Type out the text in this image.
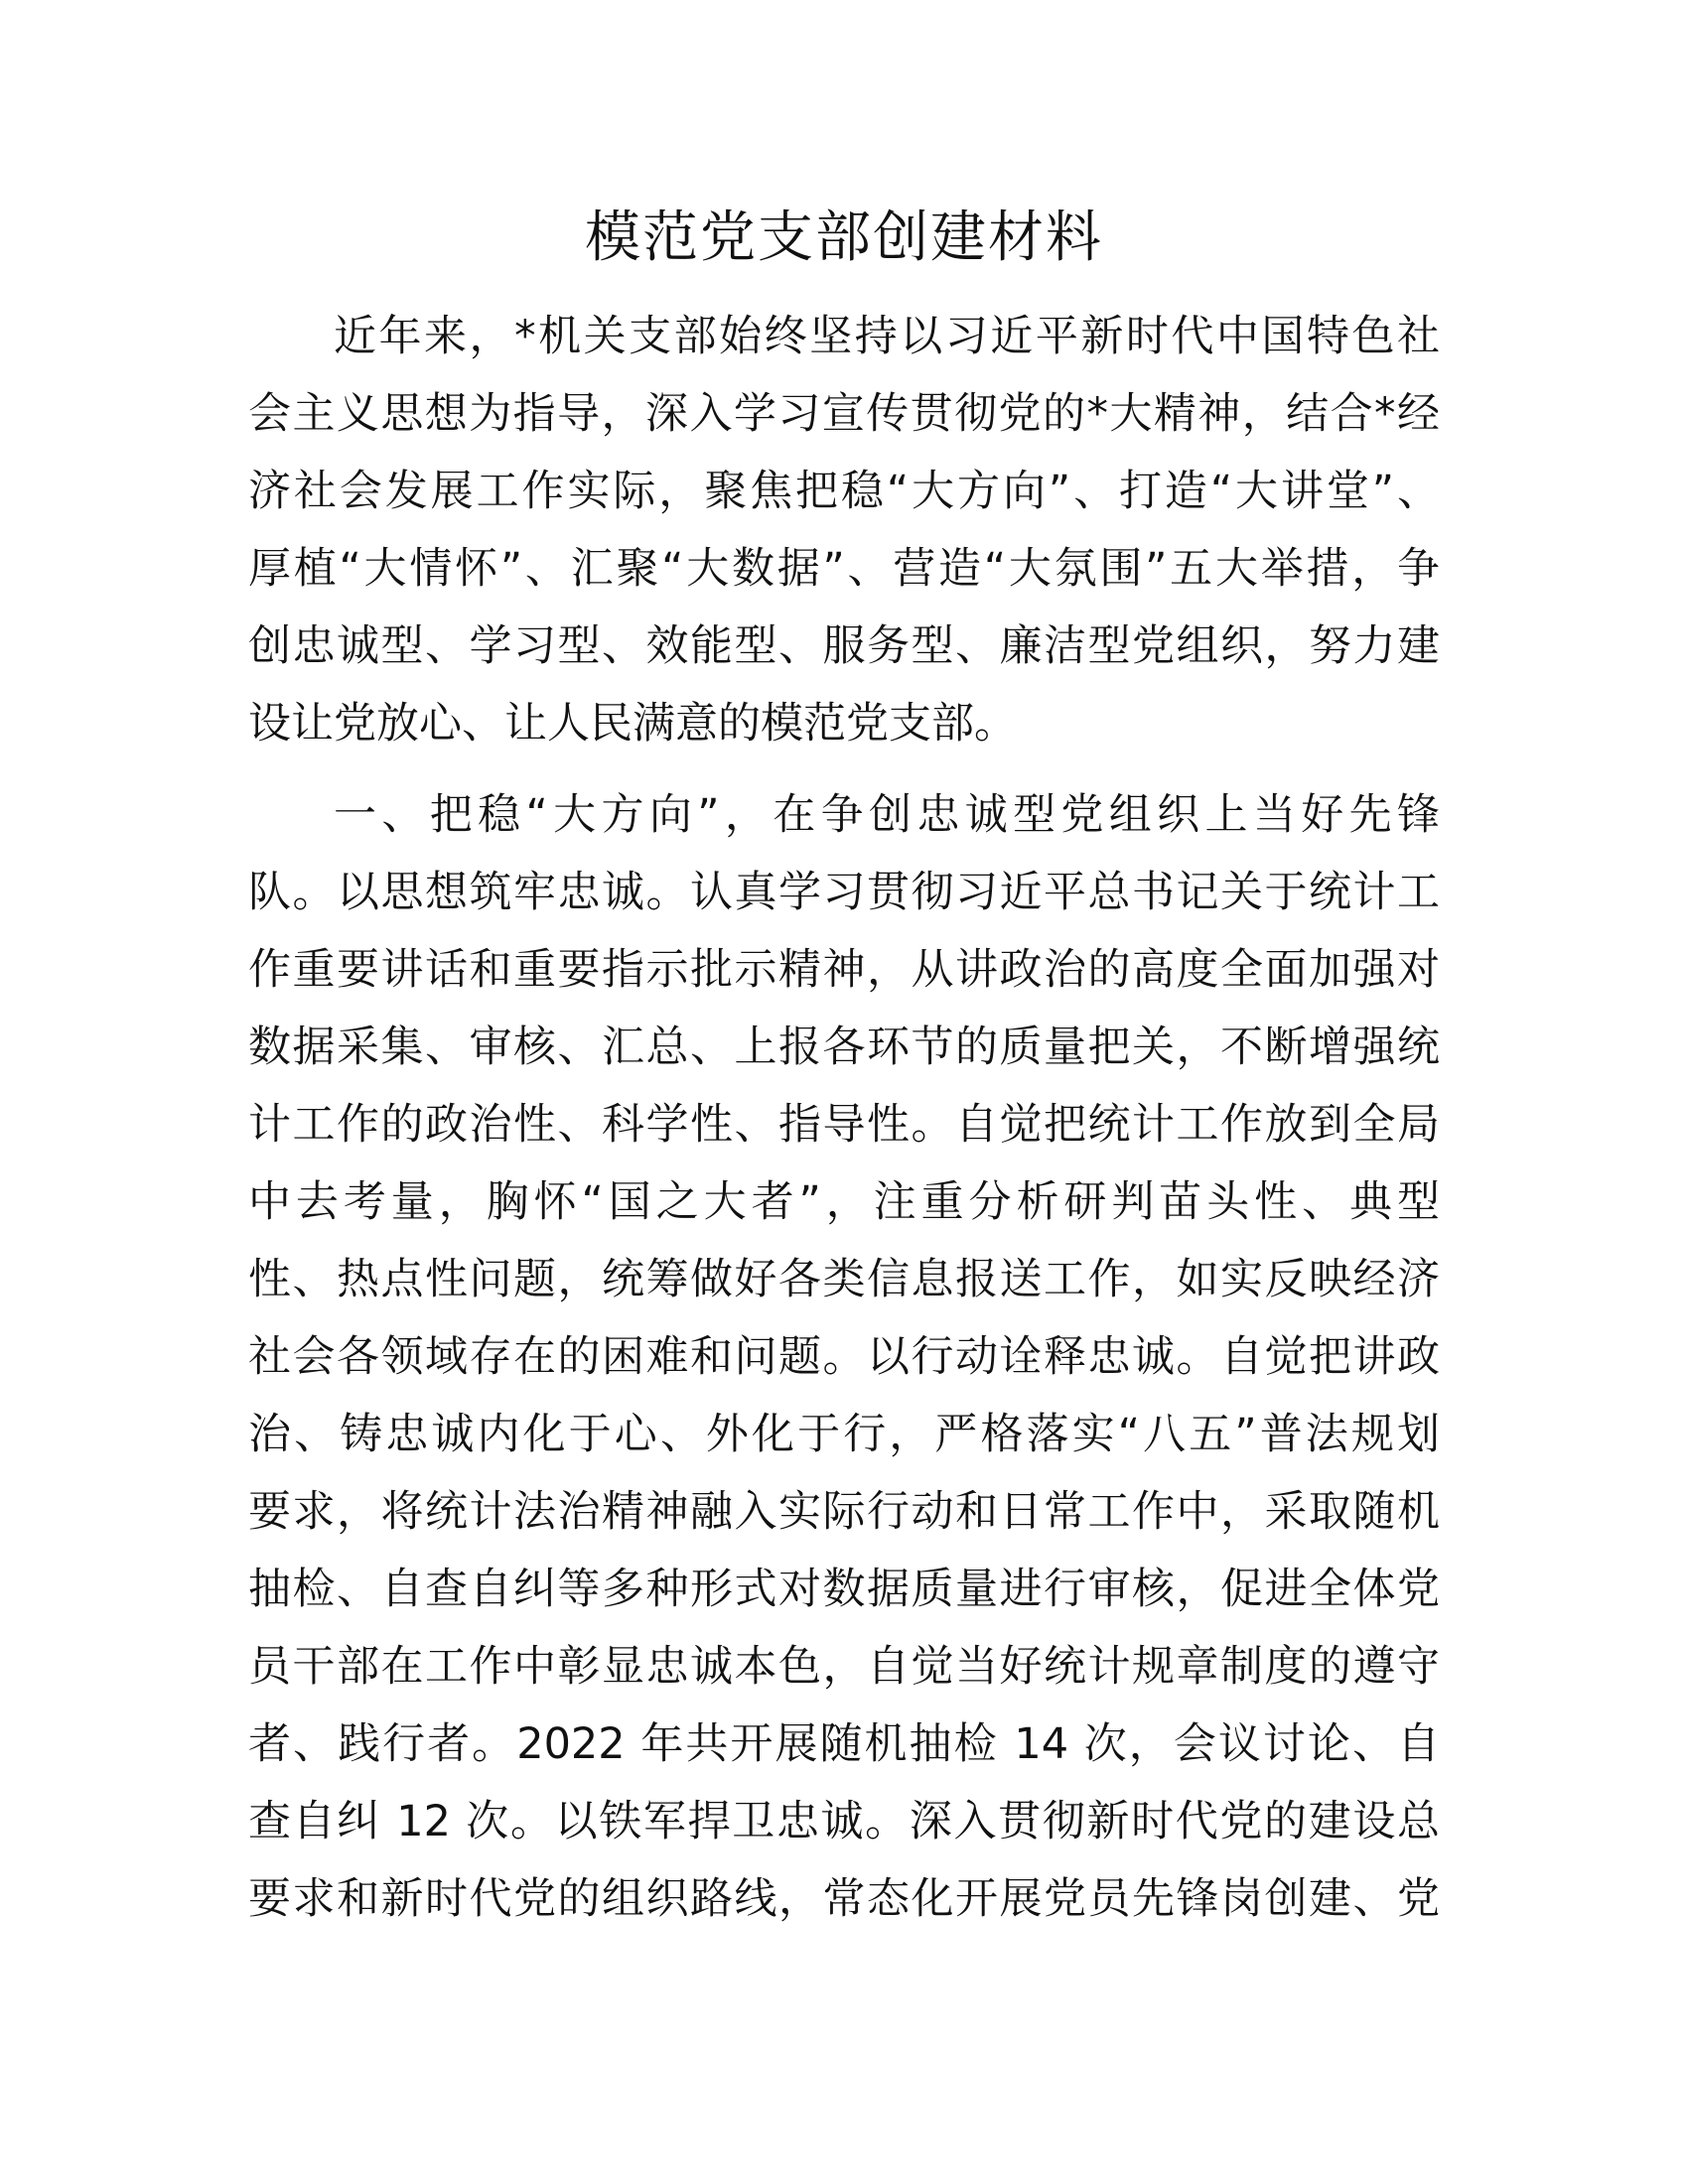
模范党支部创建材料
近年来，*机关支部始终坚持以习近平新时代中国特色社
会主义思想为指导，深入学习宣传贯彻党的*大精神，结合*经
济社会发展工作实际，聚焦把稳“大方向”、打造“大讲堂”、
厚植“大情怀”、汇聚“大数据”、营造“大氛围”五大举措，争
创忠诚型、学习型、效能型、服务型、廉洁型党组织，努力建
设让党放心、让人民满意的模范党支部。
一、把稳“大方向”，在争创忠诚型党组织上当好先锋
队。以思想筑牢忠诚。认真学习贯彻习近平总书记关于统计工
作重要讲话和重要指示批示精神，从讲政治的高度全面加强对
数据采集、审核、汇总、上报各环节的质量把关，不断增强统
计工作的政治性、科学性、指导性。自觉把统计工作放到全局
中去考量，胸怀“国之大者”，注重分析研判苗头性、典型
性、热点性问题，统筹做好各类信息报送工作，如实反映经济
社会各领域存在的困难和问题。以行动诠释忠诚。自觉把讲政
治、铸忠诚内化于心、外化于行，严格落实“八五”普法规划
要求，将统计法治精神融入实际行动和日常工作中，采取随机
抽检、自查自纠等多种形式对数据质量进行审核，促进全体党
员干部在工作中彰显忠诚本色，自觉当好统计规章制度的遵守
者、践行者。2022 年共开展随机抽检 14 次，会议讨论、自
查自纠 12 次。以铁军捍卫忠诚。深入贯彻新时代党的建设总
要求和新时代党的组织路线，常态化开展党员先锋岗创建、党
